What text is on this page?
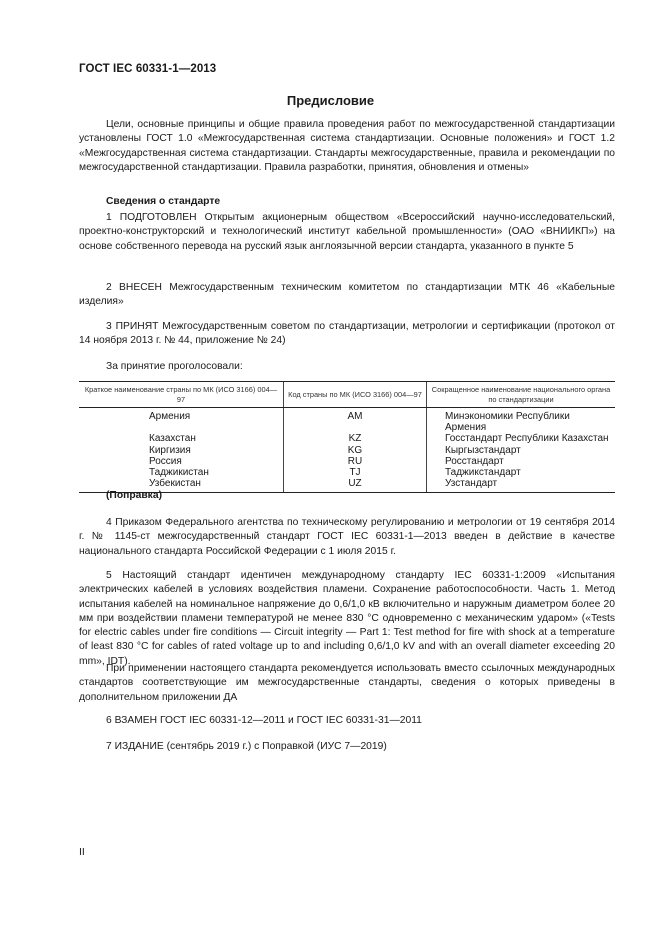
ГОСТ IEC 60331-1—2013
Предисловие
Цели, основные принципы и общие правила проведения работ по межгосударственной стандартизации установлены ГОСТ 1.0 «Межгосударственная система стандартизации. Основные положения» и ГОСТ 1.2 «Межгосударственная система стандартизации. Стандарты межгосударственные, правила и рекомендации по межгосударственной стандартизации. Правила разработки, принятия, обновления и отмены»
Сведения о стандарте
1 ПОДГОТОВЛЕН Открытым акционерным обществом «Всероссийский научно-исследовательский, проектно-конструкторский и технологический институт кабельной промышленности» (ОАО «ВНИИКП») на основе собственного перевода на русский язык англоязычной версии стандарта, указанного в пункте 5
2 ВНЕСЕН Межгосударственным техническим комитетом по стандартизации МТК 46 «Кабельные изделия»
3 ПРИНЯТ Межгосударственным советом по стандартизации, метрологии и сертификации (протокол от 14 ноября 2013 г. № 44, приложение № 24)
За принятие проголосовали:
Краткое наименование страны по МК (ИСО 3166) 004—97	Код страны по МК (ИСО 3166) 004—97	Сокращенное наименование национального органа по стандартизации
Армения	AM	Минэкономики Республики Армения
Казахстан	KZ	Госстандарт Республики Казахстан
Киргизия	KG	Кыргызстандарт
Россия	RU	Росстандарт
Таджикистан	TJ	Таджикстандарт
Узбекистан	UZ	Узстандарт
(Поправка)
4 Приказом Федерального агентства по техническому регулированию и метрологии от 19 сентября 2014 г. № 1145-ст межгосударственный стандарт ГОСТ IEC 60331-1—2013 введен в действие в качестве национального стандарта Российской Федерации с 1 июля 2015 г.
5 Настоящий стандарт идентичен международному стандарту IEC 60331-1:2009 «Испытания электрических кабелей в условиях воздействия пламени. Сохранение работоспособности. Часть 1. Метод испытания кабелей на номинальное напряжение до 0,6/1,0 кВ включительно и наружным диаметром более 20 мм при воздействии пламени температурой не менее 830 °С одновременно с механическим ударом» («Tests for electric cables under fire conditions — Circuit integrity — Part 1: Test method for fire with shock at a temperature of least 830 °C for cables of rated voltage up to and including 0,6/1,0 kV and with an overall diameter exceeding 20 mm», IDT).
При применении настоящего стандарта рекомендуется использовать вместо ссылочных международных стандартов соответствующие им межгосударственные стандарты, сведения о которых приведены в дополнительном приложении ДА
6 ВЗАМЕН ГОСТ IEC 60331-12—2011 и ГОСТ IEC 60331-31—2011
7 ИЗДАНИЕ (сентябрь 2019 г.) с Поправкой (ИУС 7—2019)
II
